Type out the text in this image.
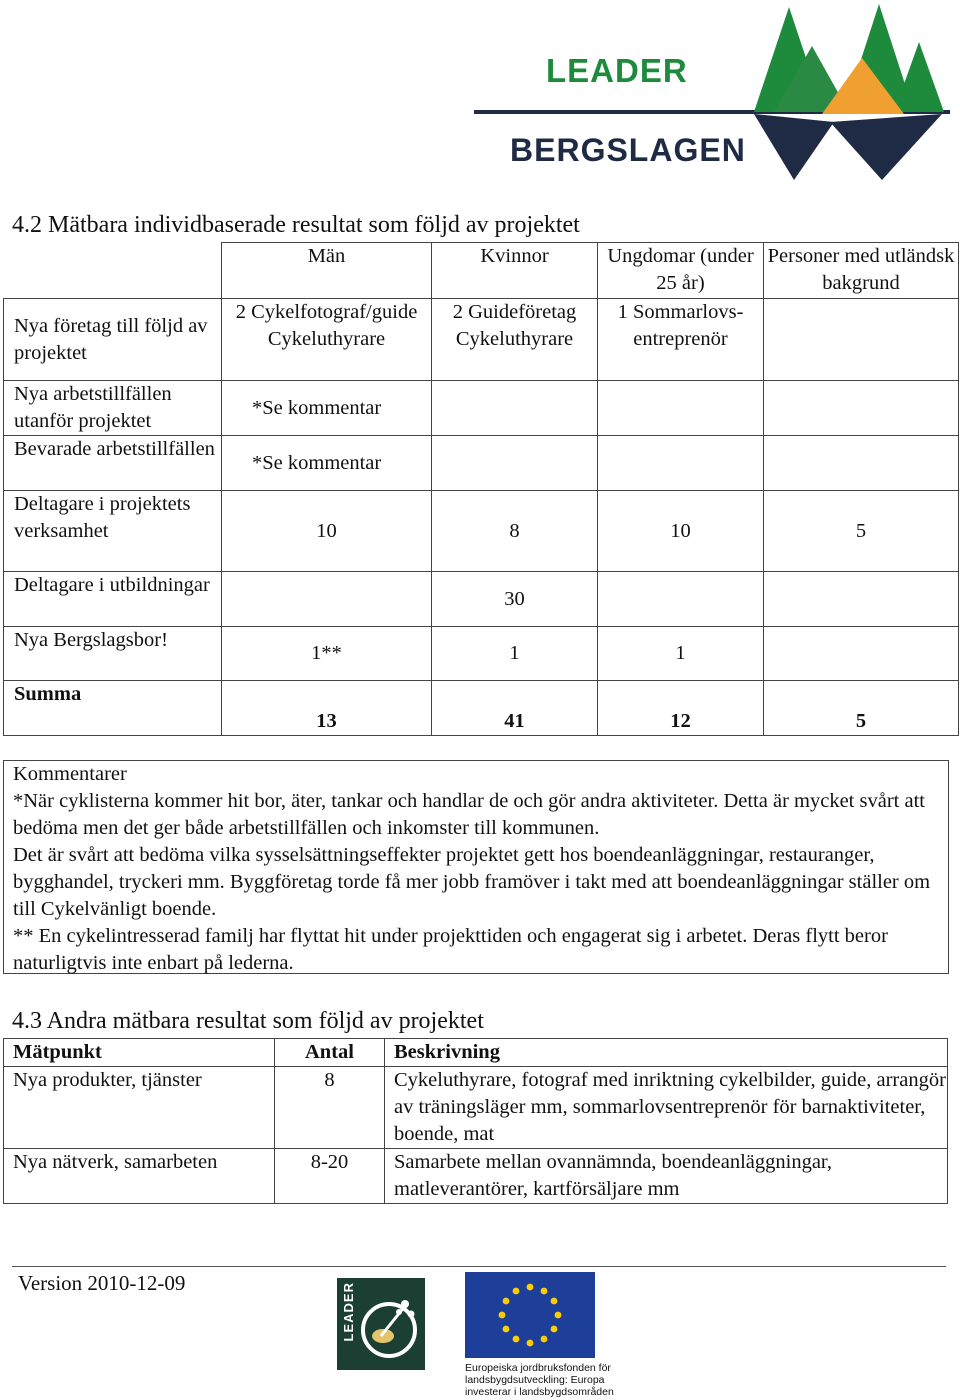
LEADER
BERGSLAGEN
4.2 Mätbara individbaserade resultat som följd av projektet
	Män	Kvinnor	Ungdomar (under 25 år)	Personer med utländsk bakgrund
Nya företag till följd av projektet	2 Cykelfotograf/guide Cykeluthyrare	2 Guideföretag Cykeluthyrare	1 Sommarlovs-entreprenör	
Nya arbetstillfällen utanför projektet	*Se kommentar			
Bevarade arbetstillfällen	*Se kommentar			
Deltagare i projektets verksamhet	10	8	10	5
Deltagare i utbildningar		30		
Nya Bergslagsbor!	1**	1	1	
Summa	13	41	12	5

Kommentarer

*När cyklisterna kommer hit bor, äter, tankar och handlar de och gör andra aktiviteter. Detta är mycket svårt att bedöma men det ger både arbetstillfällen och inkomster till kommunen.

Det är svårt att bedöma vilka sysselsättningseffekter projektet gett hos boendeanläggningar, restauranger, bygghandel, tryckeri mm. Byggföretag torde få mer jobb framöver i takt med att boendeanläggningar ställer om till Cykelvänligt boende.

** En cykelintresserad familj har flyttat hit under projekttiden och engagerat sig i arbetet. Deras flytt beror naturligtvis inte enbart på lederna.

4.3 Andra mätbara resultat som följd av projektet
Mätpunkt	Antal	Beskrivning
Nya produkter, tjänster	8	Cykeluthyrare, fotograf med inriktning cykelbilder, guide, arrangör av träningsläger mm, sommarlovsentreprenör för barnaktiviteter, boende, mat
Nya nätverk, samarbeten	8-20	Samarbete mellan ovannämnda, boendeanläggningar, matleverantörer, kartförsäljare mm
Version 2010-12-09	LEADER
Europeiska jordbruksfonden för landsbygdsutveckling: Europa investerar i landsbygdsområden
